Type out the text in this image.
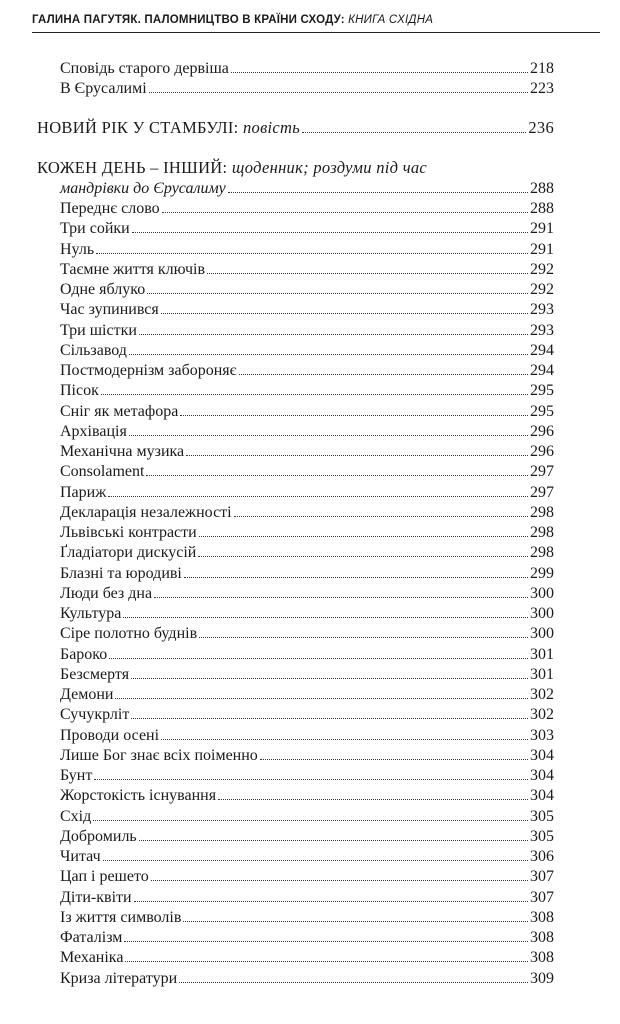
ГАЛИНА ПАГУТЯК. ПАЛОМНИЦТВО В КРАЇНИ СХОДУ: КНИГА СХІДНА
Сповідь старого дервіша	218
В Єрусалимі	223
НОВИЙ РІК У СТАМБУЛІ: повість	236
КОЖЕН ДЕНЬ – ІНШИЙ: щоденник; роздуми під час
мандрівки до Єрусалиму	288
Переднє слово	288
Три сойки	291
Нуль	291
Таємне життя ключів	292
Одне яблуко	292
Час зупинився	293
Три шістки	293
Сільзавод	294
Постмодернізм забороняє	294
Пісок	295
Сніг як метафора	295
Архівація	296
Механічна музика	296
Consolament	297
Париж	297
Декларація незалежності	298
Львівські контрасти	298
Ґладіатори дискусій	298
Блазні та юродиві	299
Люди без дна	300
Культура	300
Сіре полотно буднів	300
Бароко	301
Безсмертя	301
Демони	302
Сучукрліт	302
Проводи осені	303
Лише Бог знає всіх поіменно	304
Бунт	304
Жорстокість існування	304
Схід	305
Добромиль	305
Читач	306
Цап і решето	307
Діти-квіти	307
Із життя символів	308
Фаталізм	308
Механіка	308
Криза літератури	309
